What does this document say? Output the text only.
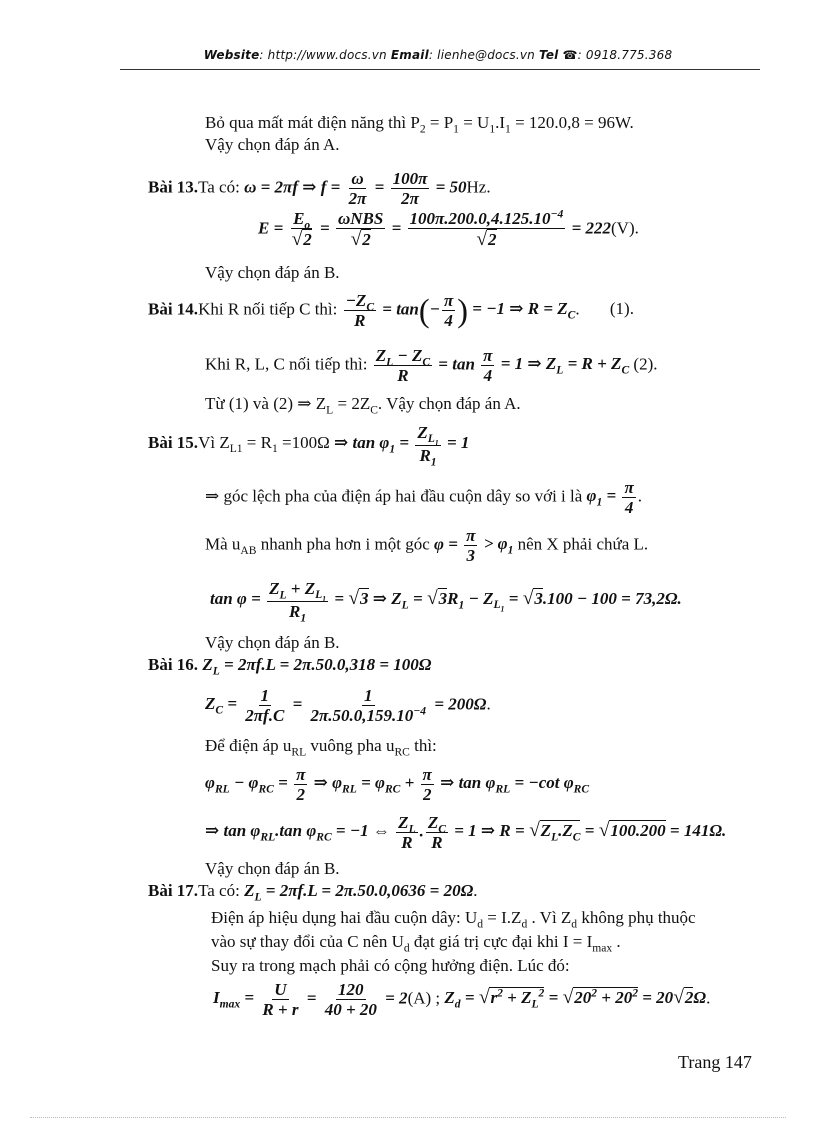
Website: http://www.docs.vn Email: lienhe@docs.vn Tel ☎: 0918.775.368
Bỏ qua mất mát điện năng thì $P_2 = P_1 = U_1.I_1 = 120.0,8 = 96W$.
Vậy chọn đáp án A.
Bài 13.Ta có: ω = 2πf ⇒ $f = \frac{\omega}{2\pi} = \frac{100\pi}{2\pi} = 50Hz$.
$E = \frac{E_o}{√2} = \frac{\text{ωNBS}}{√2} = \frac{100\pi.200.0,4.125.10^{-4}}{√2} = 222(V)$.
Vậy chọn đáp án B.
Bài 14.Khi R nối tiếp C thì: $\frac{-Z_C}{R} = \tan(- \frac{\pi}{4}$ ) = −1 ⇒ $R = Z_C$. (1).
Khi R, L, C nối tiếp thì: $\frac{Z_L - Z_C}{R} = \tan \frac{\pi}{4} = 1$ ⇒ $Z_L = R + Z_C$ (2).
Từ (1) và (2) ⇒ $Z_L = 2Z_C$. Vậy chọn đáp án A.
Bài 15.Vì $Z_{L1} = R_1 =100\Omega$ ⇒ $\tan \varphi_1 = \frac{Z_{L_1}}{R_1} = 1$
⇒ góc lệch pha của điện áp hai đầu cuộn dây so với i là $\varphi_1 = \frac{\pi}{4}$ .
Mà $u_{AB}$ nhanh pha hơn i một góc $\varphi = \frac{\pi}{3} > \varphi_1$ nên X phải chứa L.
$\tan \varphi = \frac{Z_L + Z_{L_1}}{R_1} = √3$ ⇒ $Z_L = √3R_1 - Z_{L_1} = √3.100 - 100 = 73,2\Omega$.
Vậy chọn đáp án B.
Bài 16. $Z_L = 2\pi f.L = 2\pi.50.0,318 = 100\Omega$
$Z_C = \frac{1}{2\pi f.C} = \frac{1}{2\pi.50.0,159.10^{-4}} = 200\Omega$.
Để điện áp $u_{RL}$ vuông pha $u_{RC}$ thì:
$\varphi_{RL} - \varphi_{RC} = \frac{\pi}{2}$ ⇒ $\varphi_{RL} = \varphi_{RC} + \frac{\pi}{2}$ ⇒ $\tan \varphi_{RL} = -\cot$ $\varphi_{RC}$
⇒ $\tan \varphi_{RL}.\tan$ $\varphi_{RC} = -1$ ⇔ $\frac{Z_L}{R}$ . $\frac{Z_C}{R} = 1$ ⇒ $R = √Z_L.Z_C = √100.200 = 141\Omega$.
Vậy chọn đáp án B.
Bài 17.Ta có: $Z_L = 2\pi f.L = 2\pi.50.0,0636 = 20\Omega$.
Điện áp hiệu dụng hai đầu cuộn dây: $U_d = I.Z_d$ . Vì $Z_d$ không phụ thuộc
vào sự thay đổi của C nên $U_d$ đạt giá trị cực đại khi $I = I_{max}$ .
Suy ra trong mạch phải có cộng hưởng điện. Lúc đó:
$I_{max} = \frac{U}{R + r} = \frac{120}{40 + 20} = 2(A)$ ; $Z_d = √r^2 + Z_L^2 = √20^2 + 20^2 = 20√2\Omega$.
Trang 147
